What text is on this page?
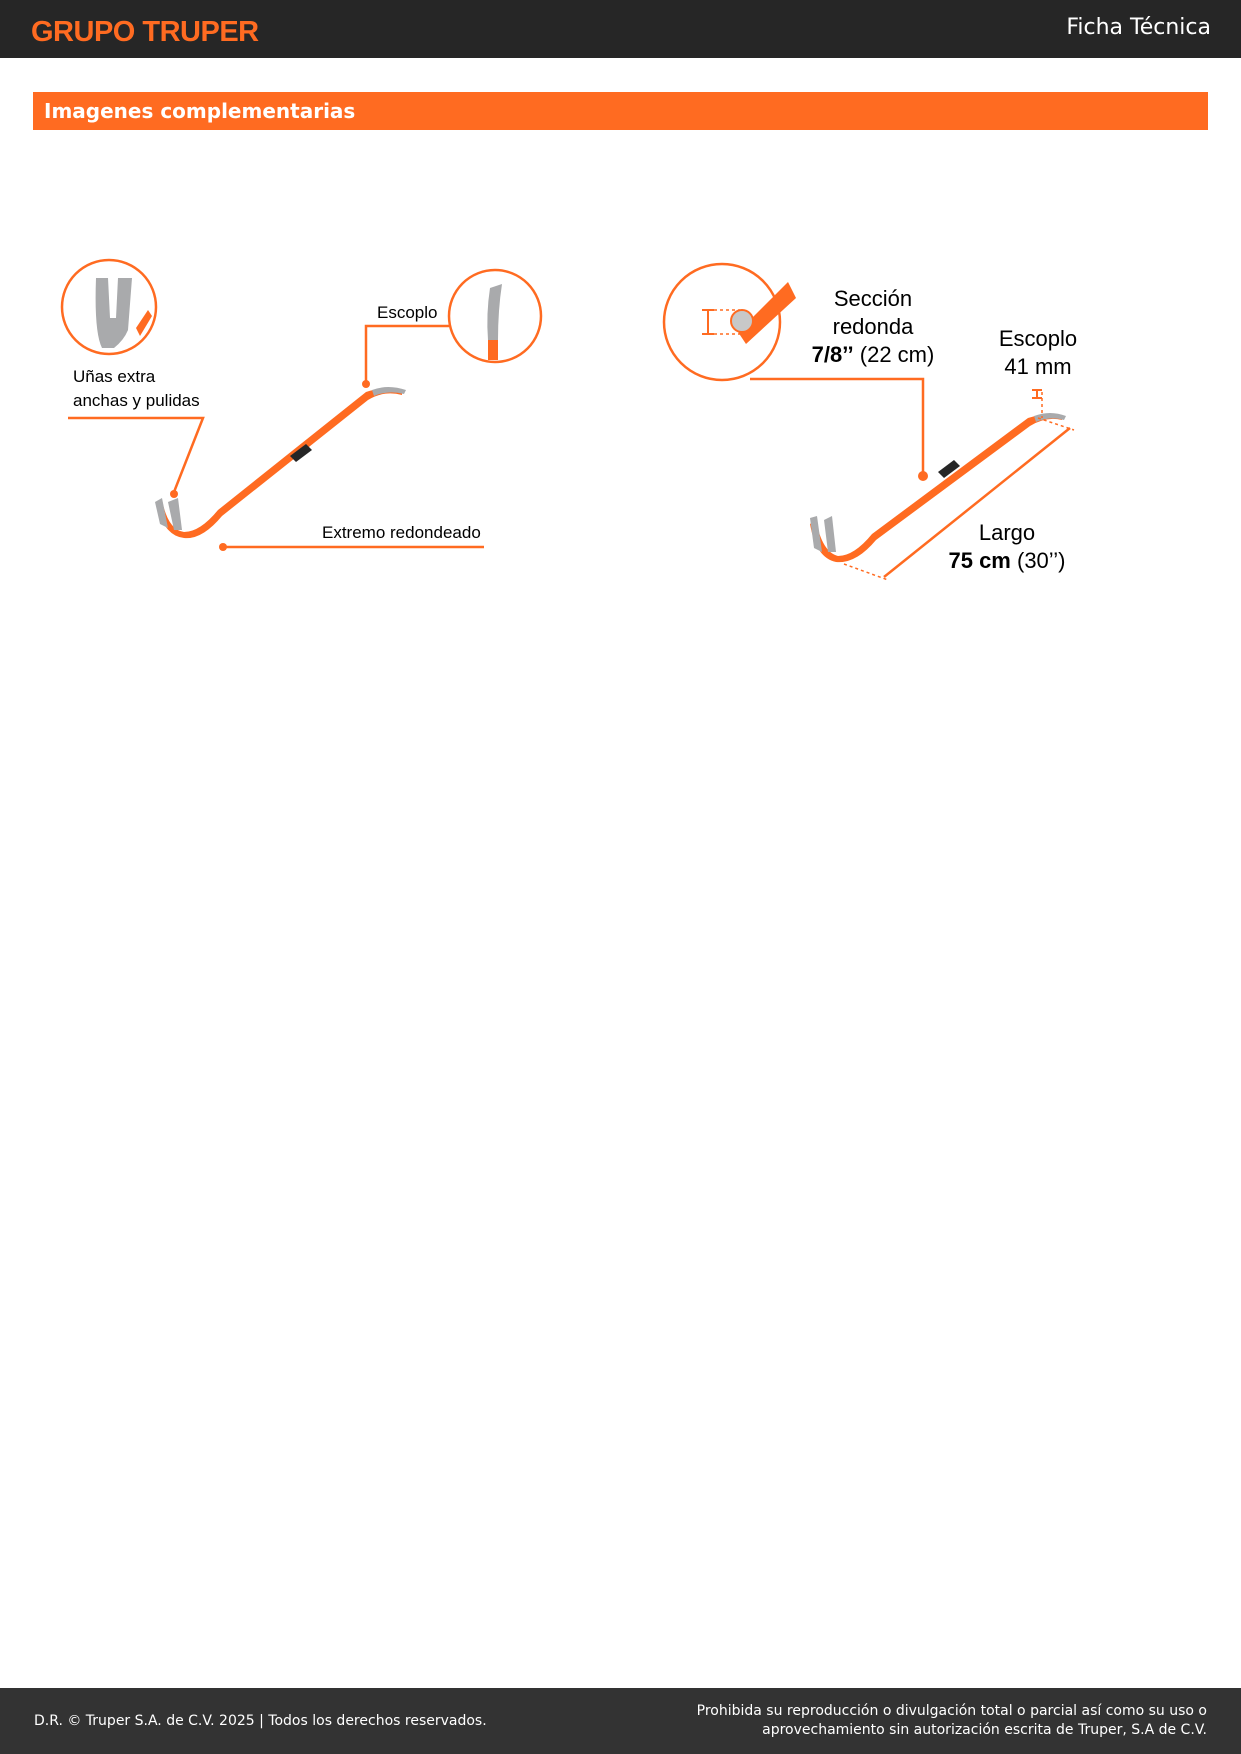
GRUPO TRUPER	Ficha Técnica
Imagenes complementarias
Uñas extra
anchas y pulidas
Escoplo
Extremo redondeado
Sección
redonda
7/8’’ (22 cm)
Escoplo
41 mm
Largo
75 cm (30’’)
D.R. © Truper S.A. de C.V. 2025 | Todos los derechos reservados.
Prohibida su reproducción o divulgación total o parcial así como su uso o
aprovechamiento sin autorización escrita de Truper, S.A de C.V.
